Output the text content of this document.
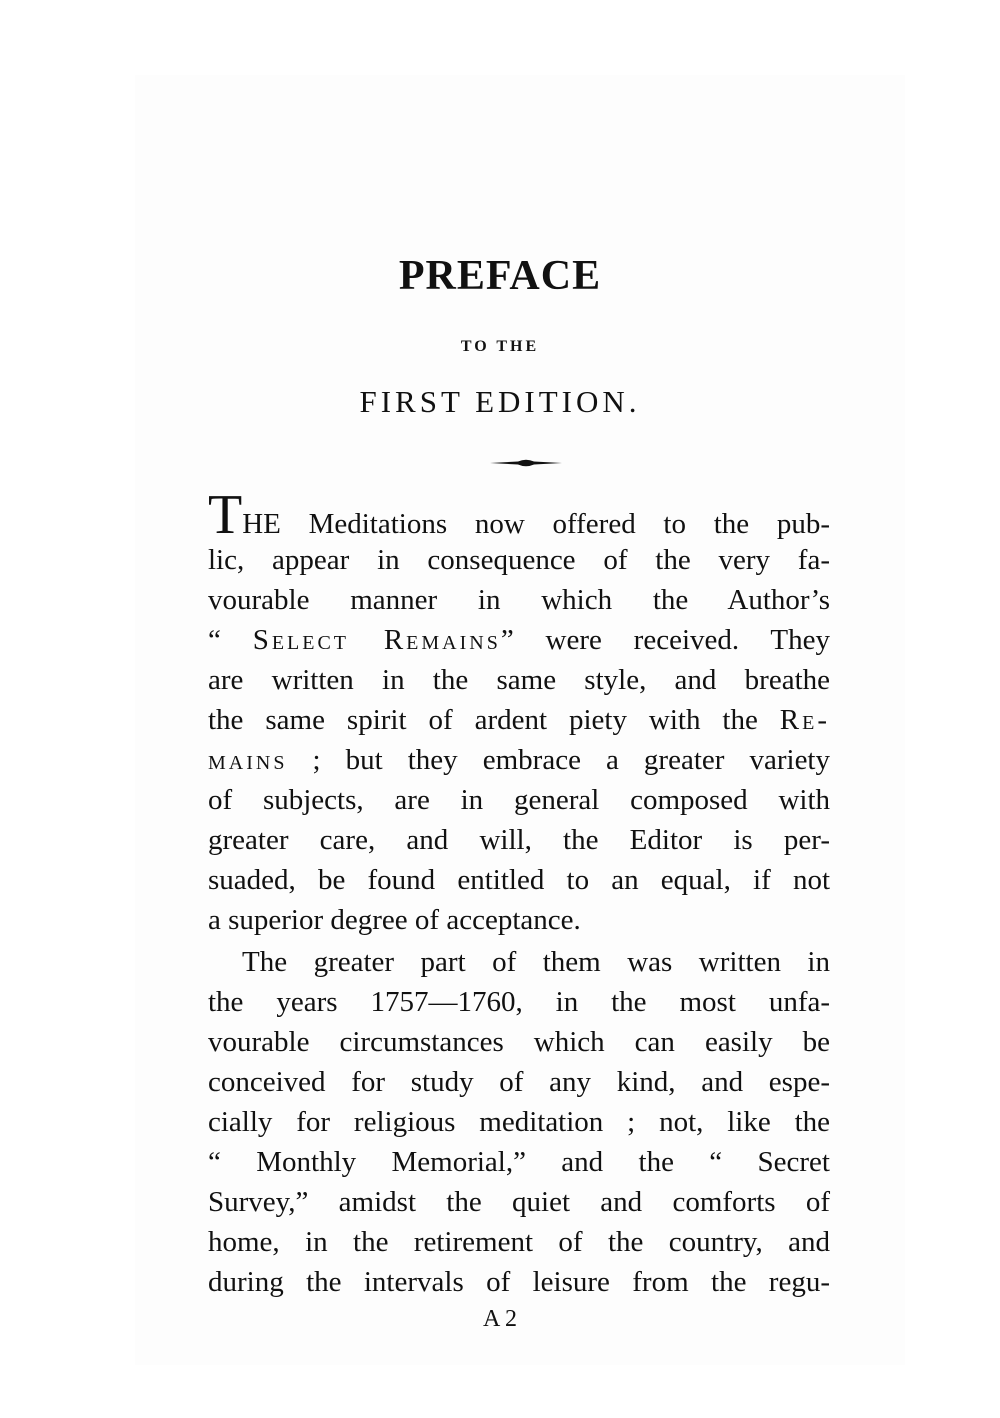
PREFACE
TO THE
FIRST EDITION.
THE Meditations now offered to the pub-
lic, appear in consequence of the very fa-
vourable manner in which the Author’s
“ Select Remains” were received. They
are written in the same style, and breathe
the same spirit of ardent piety with the Re-
mains ; but they embrace a greater variety
of subjects, are in general composed with
greater care, and will, the Editor is per-
suaded, be found entitled to an equal, if not
a superior degree of acceptance.
The greater part of them was written in
the years 1757—1760, in the most unfa-
vourable circumstances which can easily be
conceived for study of any kind, and espe-
cially for religious meditation ; not, like the
“ Monthly Memorial,” and the “ Secret
Survey,” amidst the quiet and comforts of
home, in the retirement of the country, and
during the intervals of leisure from the regu-
A 2
